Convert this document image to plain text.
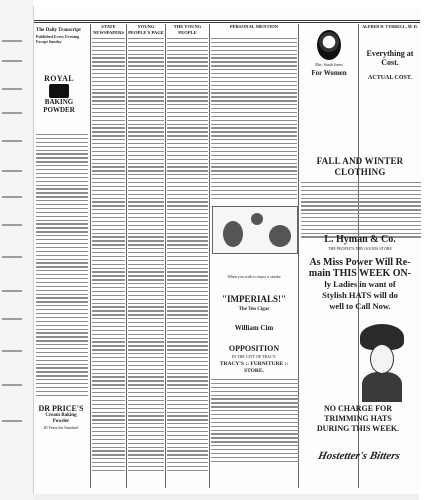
The Daily Transcript
Published Every Evening Except Sunday
ROYAL
BAKING
POWDER
DR PRICE'S
Cream Baking
Powder
40 Years the Standard
STATE NEWSPAPERS
YOUNG PEOPLE'S PAGE
THE YOUNG PEOPLE
PERSONAL MENTION
When you wish to enjoy a smoke
"IMPERIALS!"
The Ten Cigar
William Cim
OPPOSITION
IN THE CITY OF TRACY.
TRACY'S :: FURNITURE :: STORE.
Mrs. Sarah Jones
For Women
ALFRED D. TYRRELL, M. D.
Everything at Cost.
ACTUAL COST.
FALL AND WINTER CLOTHING
L. Hyman & Co.
THE PEOPLE'S DRY GOODS STORE
As Miss Power Will Re-
main THIS WEEK ON-
ly Ladies in want of
Stylish HATS will do
well to Call Now.
NO CHARGE FOR
TRIMMING HATS
DURING THIS WEEK.
Hostetter's Bitters
